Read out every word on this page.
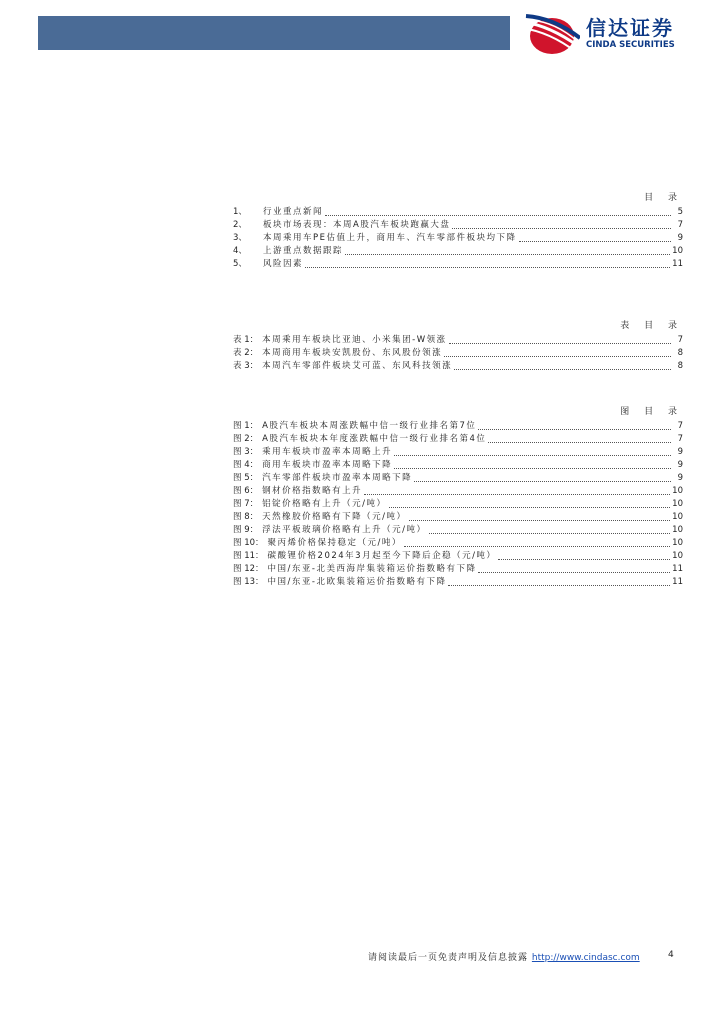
信达证券
CINDA SECURITIES
目 录
1、	行业重点新闻	5
2、	板块市场表现：本周A股汽车板块跑赢大盘	7
3、	本周乘用车PE估值上升，商用车、汽车零部件板块均下降	9
4、	上游重点数据跟踪	10
5、	风险因素	11
表 目 录
表 1： 本周乘用车板块比亚迪、小米集团-W领涨	7
表 2： 本周商用车板块安凯股份、东风股份领涨	8
表 3： 本周汽车零部件板块艾可蓝、东风科技领涨	8
图 目 录
图 1： A股汽车板块本周涨跌幅中信一级行业排名第7位	7
图 2： A股汽车板块本年度涨跌幅中信一级行业排名第4位	7
图 3： 乘用车板块市盈率本周略上升	9
图 4： 商用车板块市盈率本周略下降	9
图 5： 汽车零部件板块市盈率本周略下降	9
图 6： 钢材价格指数略有上升	10
图 7： 铝锭价格略有上升（元/吨）	10
图 8： 天然橡胶价格略有下降（元/吨）	10
图 9： 浮法平板玻璃价格略有上升（元/吨）	10
图 10： 聚丙烯价格保持稳定（元/吨）	10
图 11： 碳酸锂价格2024年3月起至今下降后企稳（元/吨）	10
图 12： 中国/东亚-北美西海岸集装箱运价指数略有下降	11
图 13： 中国/东亚-北欧集装箱运价指数略有下降	11
请阅读最后一页免责声明及信息披露 http://www.cindasc.com	4
